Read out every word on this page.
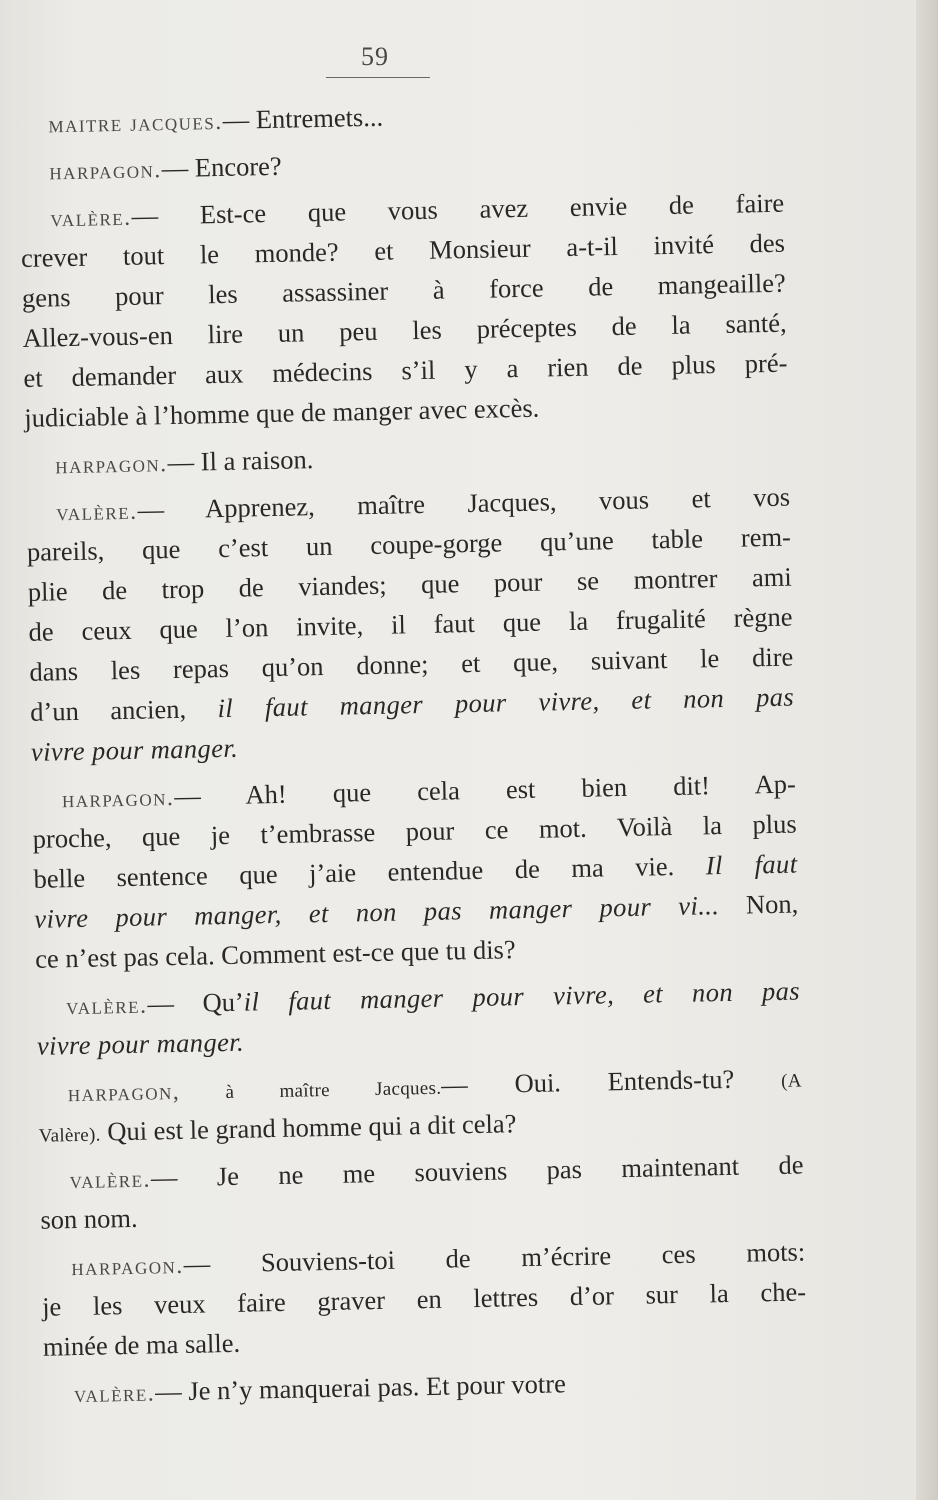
59
maitre jacques.— Entremets...
harpagon.— Encore?
valère.— Est-ce que vous avez envie de faire
crever tout le monde? et Monsieur a-t-il invité des
gens pour les assassiner à force de mangeaille?
Allez-vous-en lire un peu les préceptes de la santé,
et demander aux médecins s’il y a rien de plus pré-
judiciable à l’homme que de manger avec excès.
harpagon.— Il a raison.
valère.— Apprenez, maître Jacques, vous et vos
pareils, que c’est un coupe-gorge qu’une table rem-
plie de trop de viandes; que pour se montrer ami
de ceux que l’on invite, il faut que la frugalité règne
dans les repas qu’on donne; et que, suivant le dire
d’un ancien, il faut manger pour vivre, et non pas
vivre pour manger.
harpagon.— Ah! que cela est bien dit! Ap-
proche, que je t’embrasse pour ce mot. Voilà la plus
belle sentence que j’aie entendue de ma vie. Il faut
vivre pour manger, et non pas manger pour vi... Non,
ce n’est pas cela. Comment est-ce que tu dis?
valère.— Qu’il faut manger pour vivre, et non pas
vivre pour manger.
harpagon, à maître Jacques.— Oui. Entends-tu? (A
Valère). Qui est le grand homme qui a dit cela?
valère.— Je ne me souviens pas maintenant de
son nom.
harpagon.— Souviens-toi de m’écrire ces mots:
je les veux faire graver en lettres d’or sur la che-
minée de ma salle.
valère.— Je n’y manquerai pas. Et pour votre
